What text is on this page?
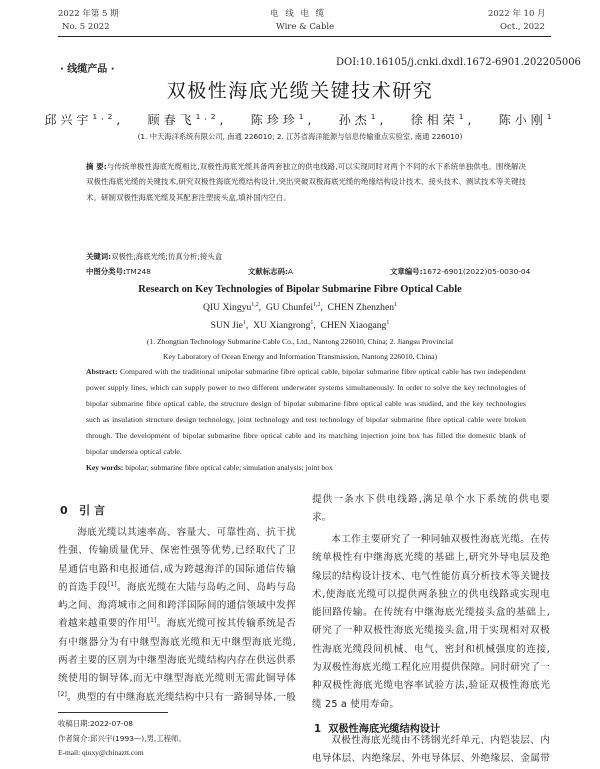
2022 年第 5 期
No. 5 2022
电 线 电 缆
Wire & Cable
2022 年 10 月
Oct., 2022
· 线缆产品 ·
DOI:10.16105/j.cnki.dxdl.1672-6901.202205006
双极性海底光缆关键技术研究
邱兴宇$^{1,2}$,   顾春飞$^{1,2}$,   陈珍珍$^1$,   孙杰$^1$,   徐相荣$^1$,   陈小刚$^1$
(1. 中天海洋系统有限公司, 南通 226010; 2. 江苏省海洋能源与信息传输重点实验室, 南通 226010)
摘 要:与传统单极性海底光缆相比,双极性海底光缆具备两套独立的供电线路,可以实现同时对两个不同的水下系统单独供电。围绕解决双极性海底光缆的关键技术,研究双极性海底光缆结构设计,突出突破双极海底光缆的绝缘结构设计技术、接头技术、测试技术等关键技术。研制双极性海底光缆及其配套注塑接头盒,填补国内空白。
关键词:双极性;海底光缆;仿真分析;接头盒
中图分类号:TM248	文献标志码:A	文章编号:1672-6901(2022)05-0030-04
Research on Key Technologies of Bipolar Submarine Fibre Optical Cable
QIU Xingyu$^{1,2}$,  GU Chunfei$^{1,2}$,  CHEN Zhenzhen$^1$
SUN Jie$^1$,  XU Xiangrong$^1$,  CHEN Xiaogang$^1$
(1. Zhongtian Technology Submarine Cable Co., Ltd., Nantong 226010, China; 2. Jiangsu Provincial
Key Laboratory of Ocean Energy and Information Transmission, Nantong 226010, China)
Abstract: Compared with the traditional unipolar submarine fibre optical cable, bipolar submarine fibre optical cable has two independent power supply lines, which can supply power to two different underwater systems simultaneously. In order to solve the key technologies of bipolar submarine fibre optical cable, the structure design of bipolar submarine fibre optical cable was studied, and the key technologies such as insulation structure design technology, joint technology and test technology of bipolar submarine fibre optical cable were broken through. The development of bipolar submarine fibre optical cable and its matching injection joint box has filled the domestic blank of bipolar undersea optical cable.
Key words: bipolar; submarine fibre optical cable; simulation analysis; joint box
0 引 言
海底光缆以其速率高、容量大、可靠性高、抗干扰性强、传输质量优异、保密性强等优势,已经取代了卫星通信电路和电报通信,成为跨越海洋的国际通信传输的首选手段[1]。海底光缆在大陆与岛屿之间、岛屿与岛屿之间、海湾城市之间和跨洋国际间的通信领域中发挥着越来越重要的作用[1]。海底光缆可按其传输系统是否有中继器分为有中继型海底光缆和无中继型海底光缆,两者主要的区别为中继型海底光缆结构内存在供远供系统使用的铜导体,而无中继型海底光缆则无需此铜导体[2]。典型的有中继海底光缆结构中只有一路铜导体,一般
收稿日期:2022-07-08
作者简介:邱兴宇(1993—),男,工程师。
E-mail: qiuxy@chinaztt.com
提供一条水下供电线路,满足单个水下系统的供电要求。
本工作主要研究了一种同轴双极性海底光缆。在传统单极性有中继海底光缆的基础上,研究外导电层及绝缘层的结构设计技术、电气性能仿真分析技术等关键技术,使海底光缆可以提供两条独立的供电线路或实现电能回路传输。在传统有中继海底光缆接头盒的基础上,研究了一种双极性海底光缆接头盒,用于实现相对双极性海底光缆段间机械、电气、密封和机械强度的连接,为双极性海底光缆工程化应用提供保障。同时研究了一种双极性海底光缆电容率试验方法,验证双极性海底光缆 25 a 使用寿命。
1 双极性海底光缆结构设计
双极性海底光缆由不锈钢光纤单元、内铠装层、内电导体层、内绝缘层、外电导体层、外绝缘层、金属带
